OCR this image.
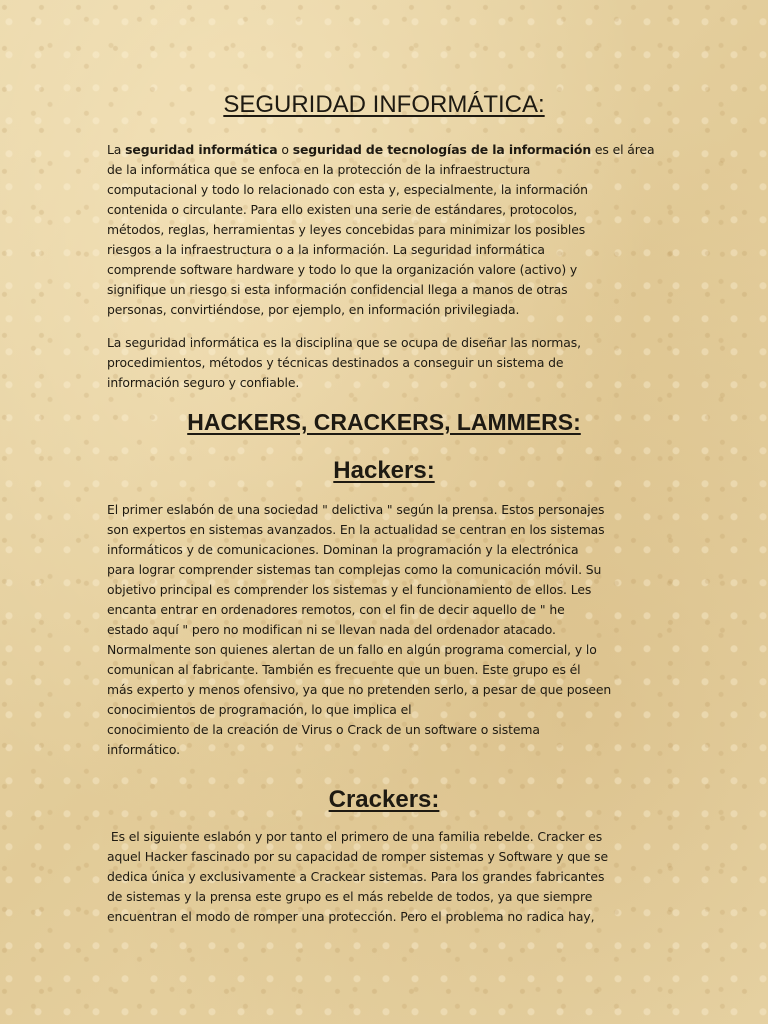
SEGURIDAD INFORMÁTICA:
La seguridad informática o seguridad de tecnologías de la información es el área
de la informática que se enfoca en la protección de la infraestructura
computacional y todo lo relacionado con esta y, especialmente, la información
contenida o circulante. Para ello existen una serie de estándares, protocolos,
métodos, reglas, herramientas y leyes concebidas para minimizar los posibles
riesgos a la infraestructura o a la información. La seguridad informática
comprende software hardware y todo lo que la organización valore (activo) y
signifique un riesgo si esta información confidencial llega a manos de otras
personas, convirtiéndose, por ejemplo, en información privilegiada.
La seguridad informática es la disciplina que se ocupa de diseñar las normas,
procedimientos, métodos y técnicas destinados a conseguir un sistema de
información seguro y confiable.
HACKERS, CRACKERS, LAMMERS:
Hackers:
El primer eslabón de una sociedad " delictiva " según la prensa. Estos personajes
son expertos en sistemas avanzados. En la actualidad se centran en los sistemas
informáticos y de comunicaciones. Dominan la programación y la electrónica
para lograr comprender sistemas tan complejas como la comunicación móvil. Su
objetivo principal es comprender los sistemas y el funcionamiento de ellos. Les
encanta entrar en ordenadores remotos, con el fin de decir aquello de " he
estado aquí " pero no modifican ni se llevan nada del ordenador atacado.
Normalmente son quienes alertan de un fallo en algún programa comercial, y lo
comunican al fabricante. También es frecuente que un buen. Este grupo es él
más experto y menos ofensivo, ya que no pretenden serlo, a pesar de que poseen
conocimientos de programación, lo que implica el
conocimiento de la creación de Virus o Crack de un software o sistema
informático.
Crackers:
Es el siguiente eslabón y por tanto el primero de una familia rebelde. Cracker es
aquel Hacker fascinado por su capacidad de romper sistemas y Software y que se
dedica única y exclusivamente a Crackear sistemas. Para los grandes fabricantes
de sistemas y la prensa este grupo es el más rebelde de todos, ya que siempre
encuentran el modo de romper una protección. Pero el problema no radica hay,
